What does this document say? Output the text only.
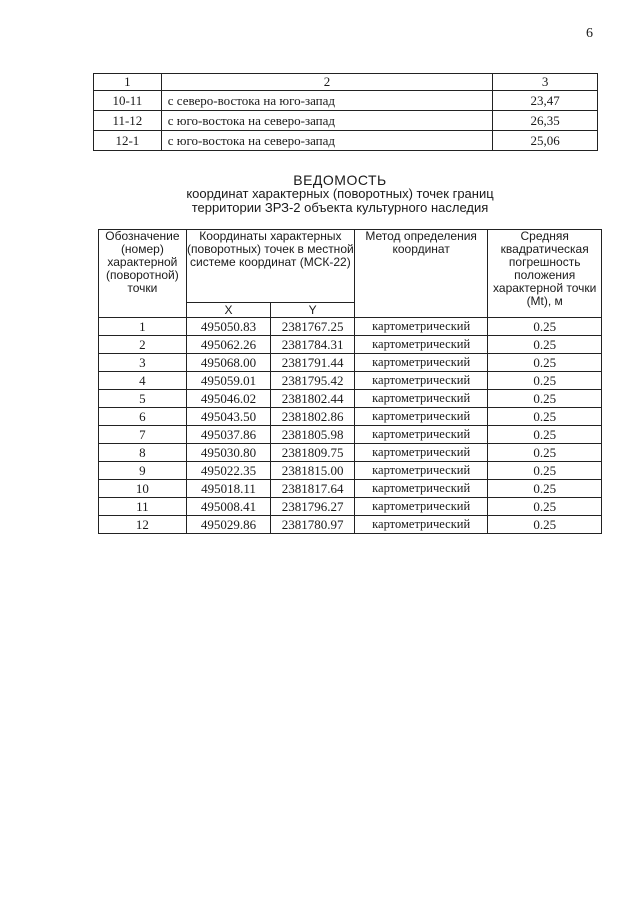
6
1	2	3
10-11	с северо-востока на юго-запад	23,47
11-12	с юго-востока на северо-запад	26,35
12-1	с юго-востока на северо-запад	25,06
ВЕДОМОСТЬ
координат характерных (поворотных) точек границ
территории ЗРЗ-2 объекта культурного наследия
Обозначение (номер) характерной (поворотной) точки	Координаты характерных (поворотных) точек в местной системе координат (МСК-22)		Метод определения координат	Средняя квадратическая погрешность положения характерной точки (Mt), м
	X	Y		
1	495050.83	2381767.25	картометрический	0.25
2	495062.26	2381784.31	картометрический	0.25
3	495068.00	2381791.44	картометрический	0.25
4	495059.01	2381795.42	картометрический	0.25
5	495046.02	2381802.44	картометрический	0.25
6	495043.50	2381802.86	картометрический	0.25
7	495037.86	2381805.98	картометрический	0.25
8	495030.80	2381809.75	картометрический	0.25
9	495022.35	2381815.00	картометрический	0.25
10	495018.11	2381817.64	картометрический	0.25
11	495008.41	2381796.27	картометрический	0.25
12	495029.86	2381780.97	картометрический	0.25
